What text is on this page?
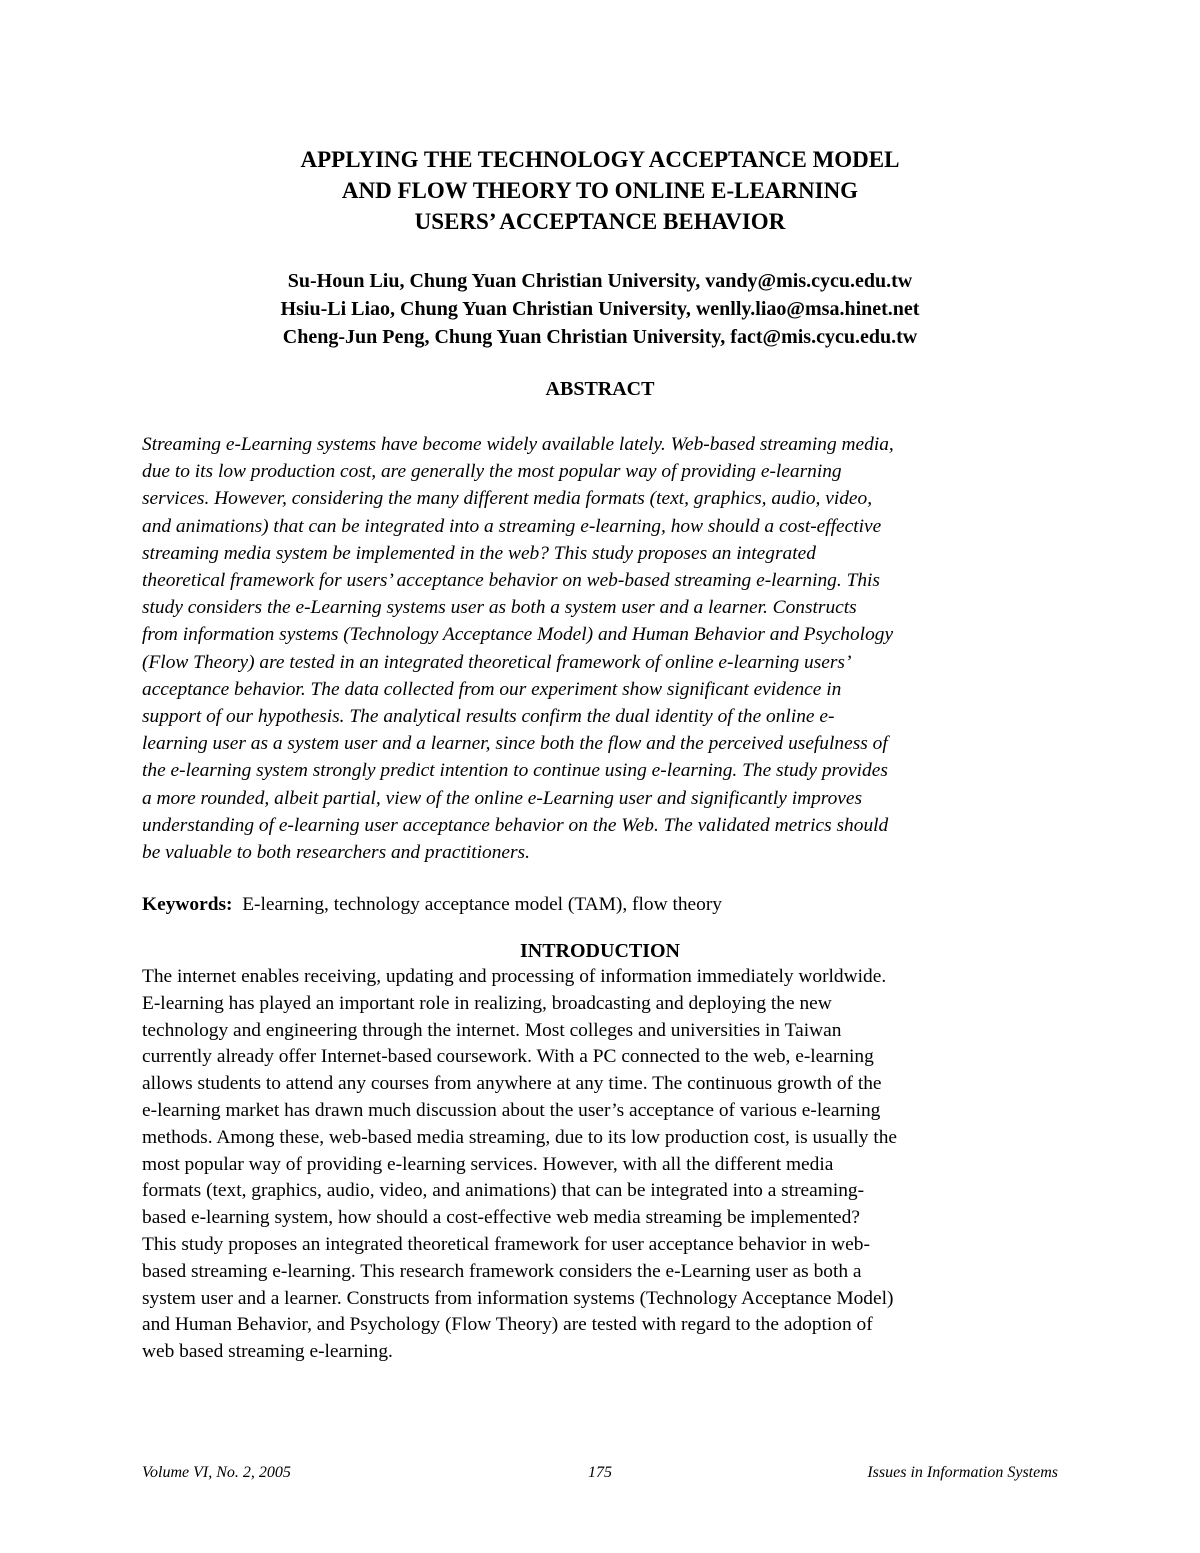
APPLYING THE TECHNOLOGY ACCEPTANCE MODEL
AND FLOW THEORY TO ONLINE E-LEARNING
USERS’ ACCEPTANCE BEHAVIOR
Su-Houn Liu, Chung Yuan Christian University, vandy@mis.cycu.edu.tw
Hsiu-Li Liao, Chung Yuan Christian University, wenlly.liao@msa.hinet.net
Cheng-Jun Peng, Chung Yuan Christian University, fact@mis.cycu.edu.tw
ABSTRACT
Streaming e-Learning systems have become widely available lately. Web-based streaming media,
due to its low production cost, are generally the most popular way of providing e-learning
services. However, considering the many different media formats (text, graphics, audio, video,
and animations) that can be integrated into a streaming e-learning, how should a cost-effective
streaming media system be implemented in the web? This study proposes an integrated
theoretical framework for users’ acceptance behavior on web-based streaming e-learning. This
study considers the e-Learning systems user as both a system user and a learner. Constructs
from information systems (Technology Acceptance Model) and Human Behavior and Psychology
(Flow Theory) are tested in an integrated theoretical framework of online e-learning users’
acceptance behavior. The data collected from our experiment show significant evidence in
support of our hypothesis. The analytical results confirm the dual identity of the online e-
learning user as a system user and a learner, since both the flow and the perceived usefulness of
the e-learning system strongly predict intention to continue using e-learning. The study provides
a more rounded, albeit partial, view of the online e-Learning user and significantly improves
understanding of e-learning user acceptance behavior on the Web. The validated metrics should
be valuable to both researchers and practitioners.
Keywords: E-learning, technology acceptance model (TAM), flow theory
INTRODUCTION
The internet enables receiving, updating and processing of information immediately worldwide.
E-learning has played an important role in realizing, broadcasting and deploying the new
technology and engineering through the internet. Most colleges and universities in Taiwan
currently already offer Internet-based coursework. With a PC connected to the web, e-learning
allows students to attend any courses from anywhere at any time. The continuous growth of the
e-learning market has drawn much discussion about the user’s acceptance of various e-learning
methods. Among these, web-based media streaming, due to its low production cost, is usually the
most popular way of providing e-learning services. However, with all the different media
formats (text, graphics, audio, video, and animations) that can be integrated into a streaming-
based e-learning system, how should a cost-effective web media streaming be implemented?
This study proposes an integrated theoretical framework for user acceptance behavior in web-
based streaming e-learning. This research framework considers the e-Learning user as both a
system user and a learner. Constructs from information systems (Technology Acceptance Model)
and Human Behavior, and Psychology (Flow Theory) are tested with regard to the adoption of
web based streaming e-learning.
Volume VI, No. 2, 2005	175	Issues in Information Systems
